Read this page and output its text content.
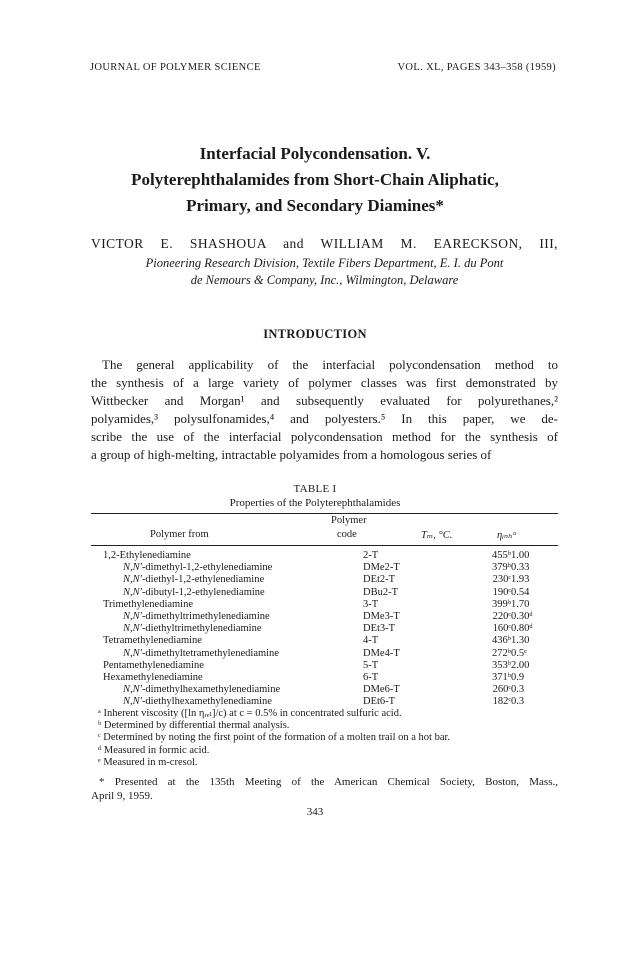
JOURNAL OF POLYMER SCIENCE	VOL. XL, PAGES 343–358 (1959)
Interfacial Polycondensation. V.
Polyterephthalamides from Short-Chain Aliphatic,
Primary, and Secondary Diamines*
VICTOR E. SHASHOUA and WILLIAM M. EARECKSON, III,
Pioneering Research Division, Textile Fibers Department, E. I. du Pont
de Nemours & Company, Inc., Wilmington, Delaware
INTRODUCTION
The general applicability of the interfacial polycondensation method to
the synthesis of a large variety of polymer classes was first demonstrated by
Wittbecker and Morgan¹ and subsequently evaluated for polyurethanes,²
polyamides,³ polysulfonamides,⁴ and polyesters.⁵ In this paper, we de-
scribe the use of the interfacial polycondensation method for the synthesis of
a group of high-melting, intractable polyamides from a homologous series of
TABLE I
Properties of the Polyterephthalamides
Polymer
Polymer from	code	Tₘ, °C.	ηᵢₙₕᵃ
1,2-Ethylenediamine	2-T	455ᵇ	1.00
N,N′-dimethyl-1,2-ethylenediamine	DMe2-T	379ᵇ	0.33
N,N′-diethyl-1,2-ethylenediamine	DEt2-T	230ᶜ	1.93
N,N′-dibutyl-1,2-ethylenediamine	DBu2-T	190ᶜ	0.54
Trimethylenediamine	3-T	399ᵇ	1.70
N,N′-dimethyltrimethylenediamine	DMe3-T	220ᶜ	0.30ᵈ
N,N′-diethyltrimethylenediamine	DEt3-T	160ᶜ	0.80ᵈ
Tetramethylenediamine	4-T	436ᵇ	1.30
N,N′-dimethyltetramethylenediamine	DMe4-T	272ᵇ	0.5ᵉ
Pentamethylenediamine	5-T	353ᵇ	2.00
Hexamethylenediamine	6-T	371ᵇ	0.9
N,N′-dimethylhexamethylenediamine	DMe6-T	260ᶜ	0.3
N,N′-diethylhexamethylenediamine	DEt6-T	182ᶜ	0.3
ᵃ Inherent viscosity ([ln ηᵣₑₗ]/c) at c = 0.5% in concentrated sulfuric acid.
ᵇ Determined by differential thermal analysis.
ᶜ Determined by noting the first point of the formation of a molten trail on a hot bar.
ᵈ Measured in formic acid.
ᵉ Measured in m-cresol.
* Presented at the 135th Meeting of the American Chemical Society, Boston, Mass.,
April 9, 1959.
343
